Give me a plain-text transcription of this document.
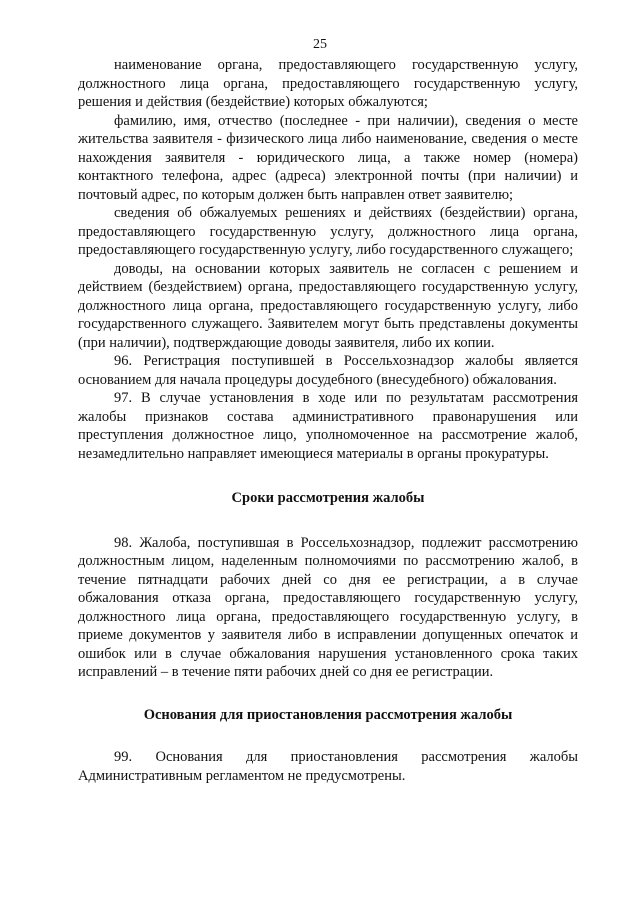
25

наименование органа, предоставляющего государственную услугу, должностного лица органа, предоставляющего государственную услугу, решения и действия (бездействие) которых обжалуются;

фамилию, имя, отчество (последнее - при наличии), сведения о месте жительства заявителя - физического лица либо наименование, сведения о месте нахождения заявителя - юридического лица, а также номер (номера) контактного телефона, адрес (адреса) электронной почты (при наличии) и почтовый адрес, по которым должен быть направлен ответ заявителю;

сведения об обжалуемых решениях и действиях (бездействии) органа, предоставляющего государственную услугу, должностного лица органа, предоставляющего государственную услугу, либо государственного служащего;

доводы, на основании которых заявитель не согласен с решением и действием (бездействием) органа, предоставляющего государственную услугу, должностного лица органа, предоставляющего государственную услугу, либо государственного служащего. Заявителем могут быть представлены документы (при наличии), подтверждающие доводы заявителя, либо их копии.

96. Регистрация поступившей в Россельхознадзор жалобы является основанием для начала процедуры досудебного (внесудебного) обжалования.

97. В случае установления в ходе или по результатам рассмотрения жалобы признаков состава административного правонарушения или преступления должностное лицо, уполномоченное на рассмотрение жалоб, незамедлительно направляет имеющиеся материалы в органы прокуратуры.

Сроки рассмотрения жалобы

98. Жалоба, поступившая в Россельхознадзор, подлежит рассмотрению должностным лицом, наделенным полномочиями по рассмотрению жалоб, в течение пятнадцати рабочих дней со дня ее регистрации, а в случае обжалования отказа органа, предоставляющего государственную услугу, должностного лица органа, предоставляющего государственную услугу, в приеме документов у заявителя либо в исправлении допущенных опечаток и ошибок или в случае обжалования нарушения установленного срока таких исправлений – в течение пяти рабочих дней со дня ее регистрации.

Основания для приостановления рассмотрения жалобы

99. Основания для приостановления рассмотрения жалобы Административным регламентом не предусмотрены.
